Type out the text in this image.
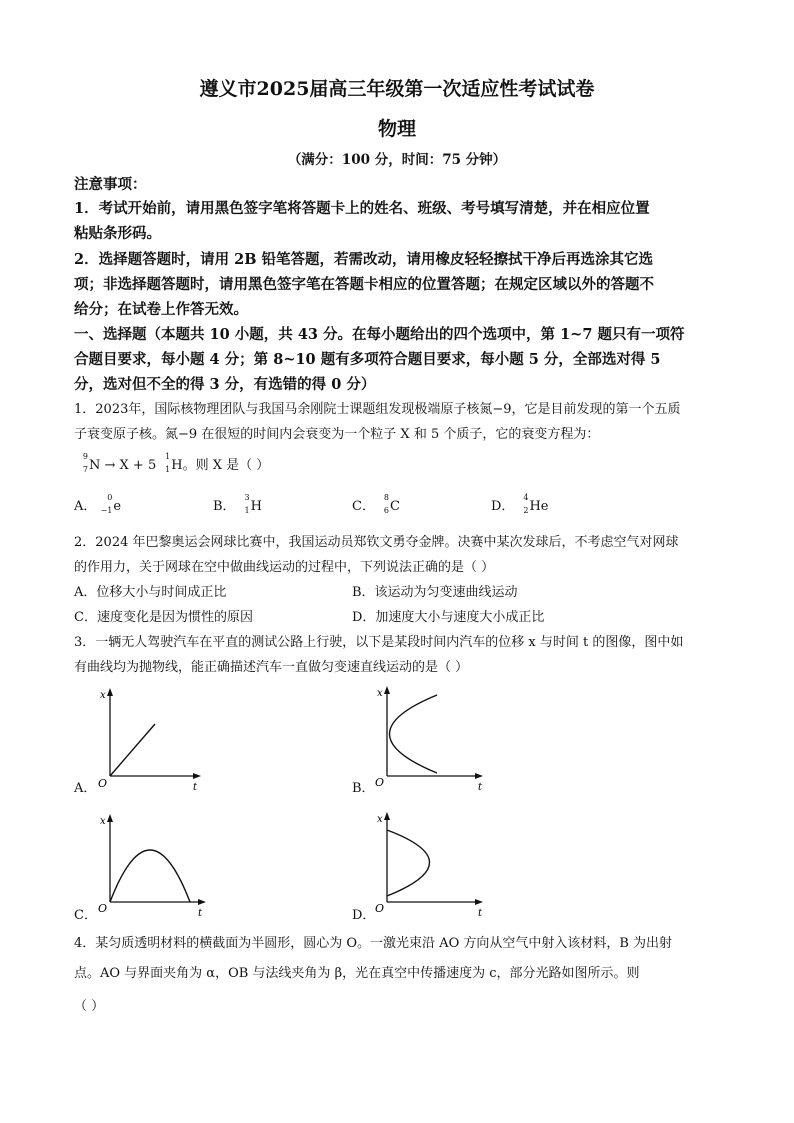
遵义市2025届高三年级第一次适应性考试试卷
物理
（满分：100 分，时间：75 分钟）
注意事项：
1．考试开始前，请用黑色签字笔将答题卡上的姓名、班级、考号填写清楚，并在相应位置
粘贴条形码。
2．选择题答题时，请用 2B 铅笔答题，若需改动，请用橡皮轻轻擦拭干净后再选涂其它选
项；非选择题答题时，请用黑色签字笔在答题卡相应的位置答题；在规定区域以外的答题不
给分；在试卷上作答无效。
一、选择题（本题共 10 小题，共 43 分。在每小题给出的四个选项中，第 1~7 题只有一项符
合题目要求，每小题 4 分；第 8~10 题有多项符合题目要求，每小题 5 分，全部选对得 5
分，选对但不全的得 3 分，有选错的得 0 分）
1．2023年，国际核物理团队与我国马余刚院士课题组发现极端原子核氮−9，它是目前发现的第一个五质
子衰变原子核。氮−9 在很短的时间内会衰变为一个粒子 X 和 5 个质子，它的衰变方程为：
9
7 N → X + 5
1
1 H。则 X 是（ ）
A．
0
−1 e	B．
3
1 H	C．
8
6 C	D．
4
2 He
2．2024 年巴黎奥运会网球比赛中，我国运动员郑钦文勇夺金牌。决赛中某次发球后，不考虑空气对网球
的作用力，关于网球在空中做曲线运动的过程中，下列说法正确的是（ ）
A．位移大小与时间成正比	B．该运动为匀变速曲线运动
C．速度变化是因为惯性的原因	D．加速度大小与速度大小成正比
3．一辆无人驾驶汽车在平直的测试公路上行驶，以下是某段时间内汽车的位移 x 与时间 t 的图像，图中如
有曲线均为抛物线，能正确描述汽车一直做匀变速直线运动的是（ ）
x
t
O
A．
x
t
O
B．
x
t
O
C．
x
t
O
D．
4．某匀质透明材料的横截面为半圆形，圆心为 O。一激光束沿 AO 方向从空气中射入该材料，B 为出射
点。AO 与界面夹角为 α，OB 与法线夹角为 β，光在真空中传播速度为 c，部分光路如图所示。则
（ ）
